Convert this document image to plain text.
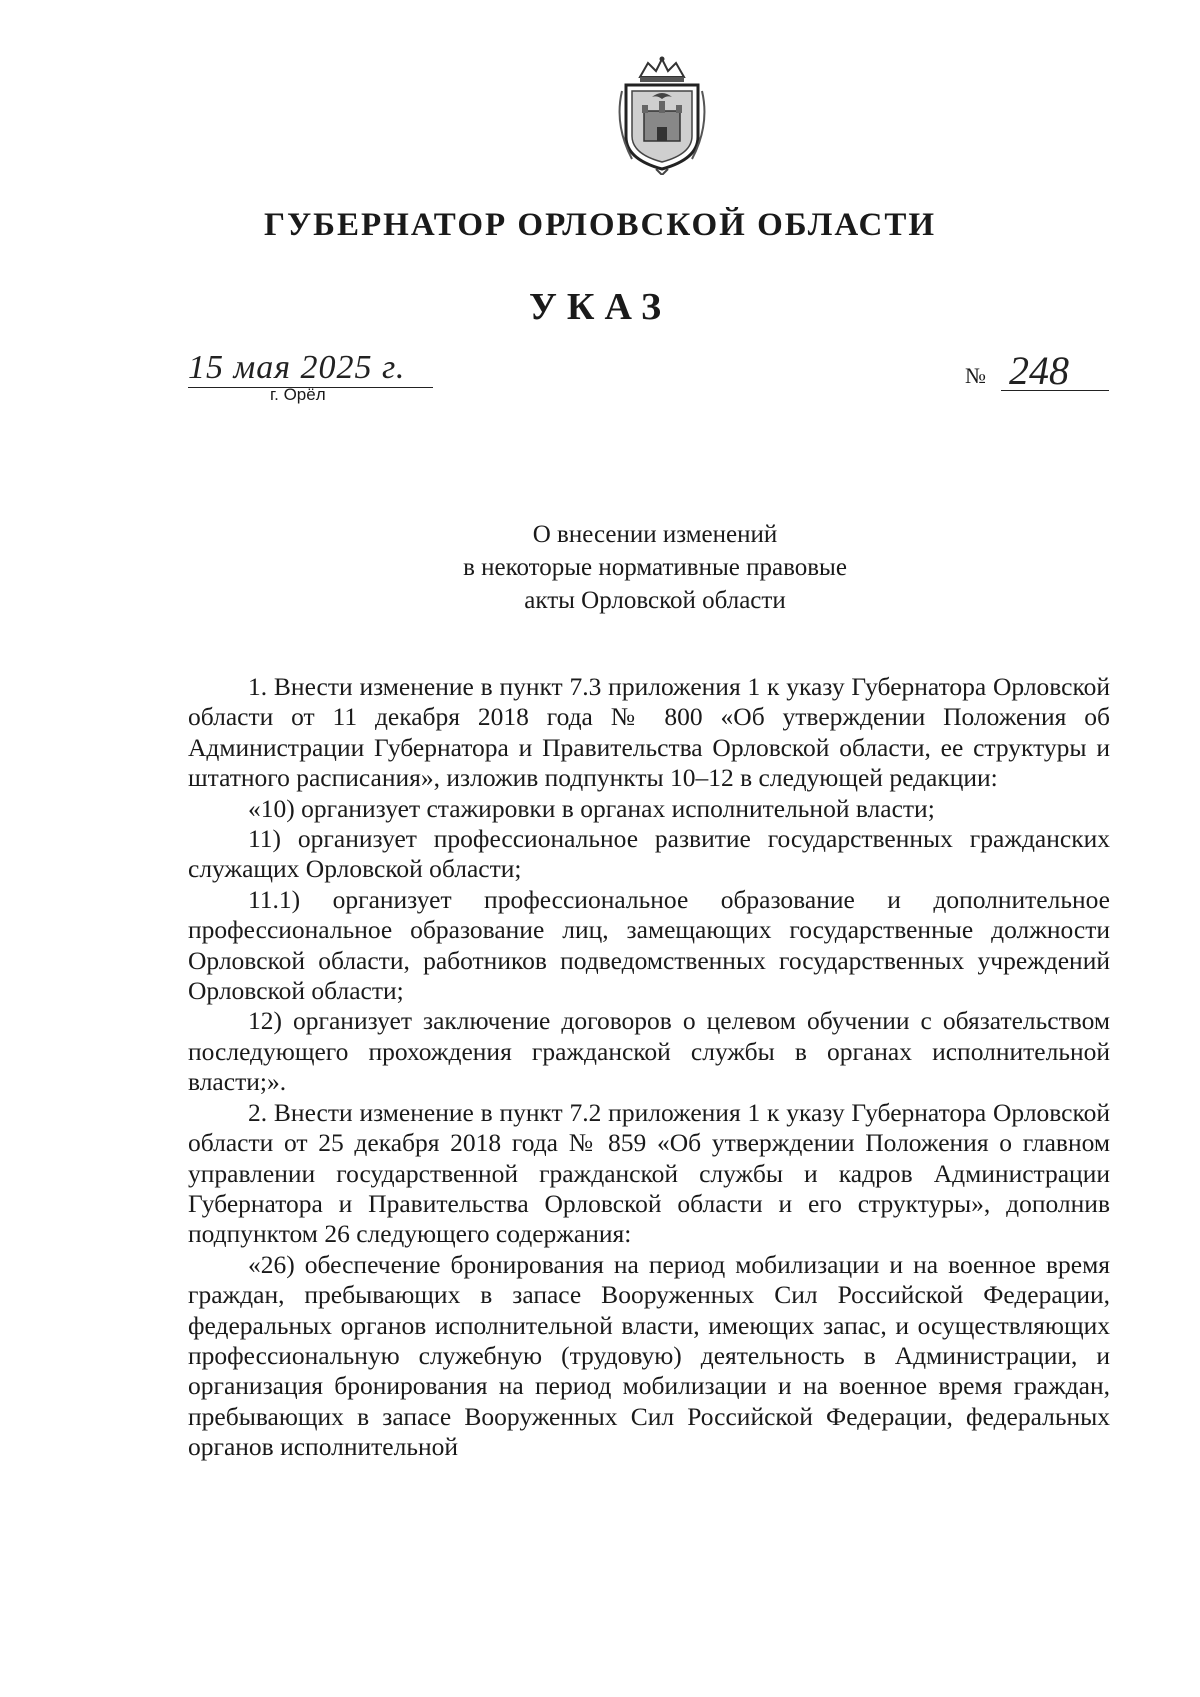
ГУБЕРНАТОР ОРЛОВСКОЙ ОБЛАСТИ
УКАЗ
15 мая 2025 г.
г. Орёл
№ 248
О внесении изменений
в некоторые нормативные правовые
акты Орловской области

1. Внести изменение в пункт 7.3 приложения 1 к указу Губернатора Орловской области от 11 декабря 2018 года № 800 «Об утверждении Положения об Администрации Губернатора и Правительства Орловской области, ее структуры и штатного расписания», изложив подпункты 10–12 в следующей редакции:

«10) организует стажировки в органах исполнительной власти;

11) организует профессиональное развитие государственных гражданских служащих Орловской области;

11.1) организует профессиональное образование и дополнительное профессиональное образование лиц, замещающих государственные должности Орловской области, работников подведомственных государственных учреждений Орловской области;

12) организует заключение договоров о целевом обучении с обязательством последующего прохождения гражданской службы в органах исполнительной власти;».

2. Внести изменение в пункт 7.2 приложения 1 к указу Губернатора Орловской области от 25 декабря 2018 года № 859 «Об утверждении Положения о главном управлении государственной гражданской службы и кадров Администрации Губернатора и Правительства Орловской области и его структуры», дополнив подпунктом 26 следующего содержания:

«26) обеспечение бронирования на период мобилизации и на военное время граждан, пребывающих в запасе Вооруженных Сил Российской Федерации, федеральных органов исполнительной власти, имеющих запас, и осуществляющих профессиональную служебную (трудовую) деятельность в Администрации, и организация бронирования на период мобилизации и на военное время граждан, пребывающих в запасе Вооруженных Сил Российской Федерации, федеральных органов исполнительной
